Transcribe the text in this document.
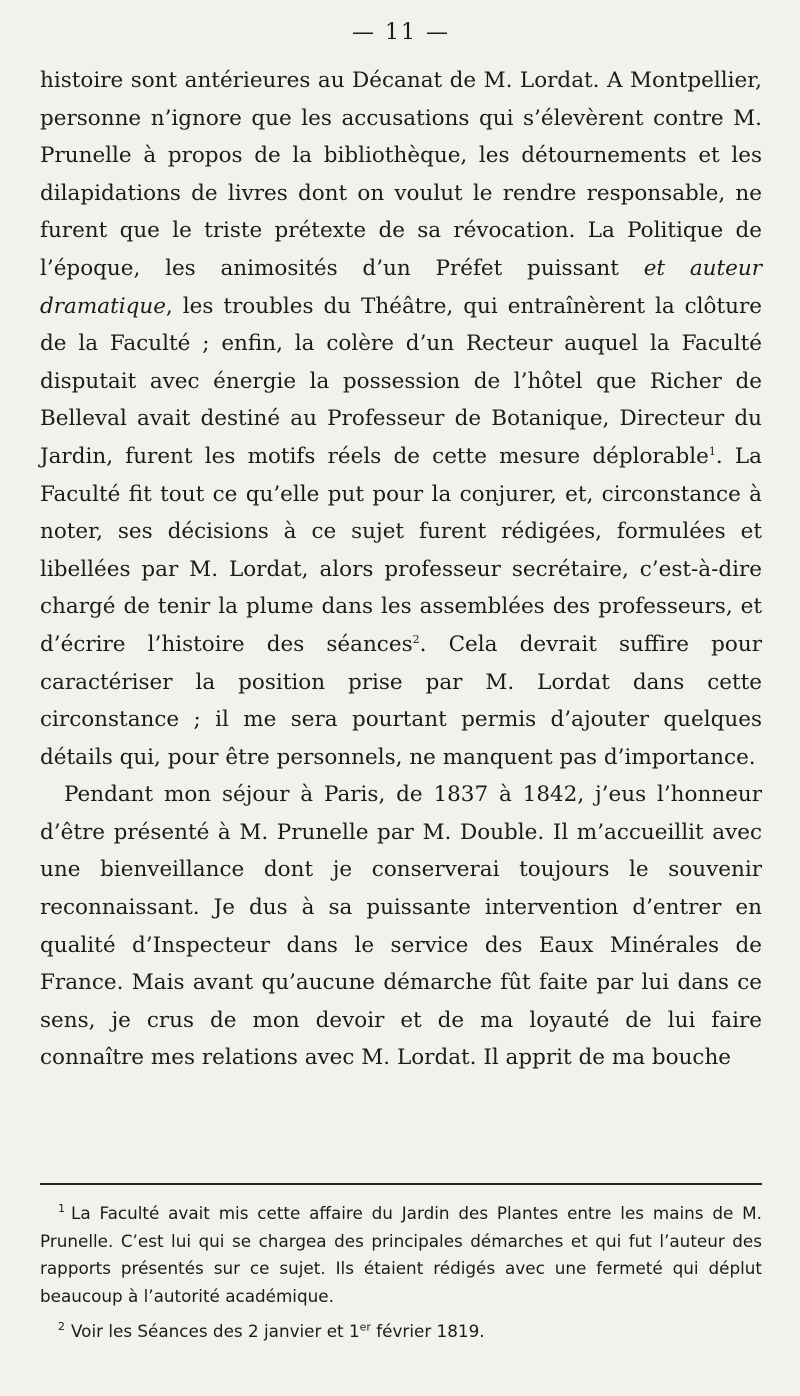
— 11 —

histoire sont antérieures au Décanat de M. Lordat. A Montpellier, personne n’ignore que les accusations qui s’élevèrent contre M. Prunelle à propos de la bibliothèque, les détournements et les dilapidations de livres dont on voulut le rendre responsable, ne furent que le triste prétexte de sa révocation. La Politique de l’époque, les animosités d’un Préfet puissant et auteur dramatique, les troubles du Théâtre, qui entraînèrent la clôture de la Faculté ; enfin, la colère d’un Recteur auquel la Faculté disputait avec énergie la possession de l’hôtel que Richer de Belleval avait destiné au Professeur de Botanique, Directeur du Jardin, furent les motifs réels de cette mesure déplorable$^1$. La Faculté fit tout ce qu’elle put pour la conjurer, et, circonstance à noter, ses décisions à ce sujet furent rédigées, formulées et libellées par M. Lordat, alors professeur secrétaire, c’est-à-dire chargé de tenir la plume dans les assemblées des professeurs, et d’écrire l’histoire des séances$^2$. Cela devrait suffire pour caractériser la position prise par M. Lordat dans cette circonstance ; il me sera pourtant permis d’ajouter quelques détails qui, pour être personnels, ne manquent pas d’importance.

Pendant mon séjour à Paris, de 1837 à 1842, j’eus l’honneur d’être présenté à M. Prunelle par M. Double. Il m’accueillit avec une bienveillance dont je conserverai toujours le souvenir reconnaissant. Je dus à sa puissante intervention d’entrer en qualité d’Inspecteur dans le service des Eaux Minérales de France. Mais avant qu’aucune démarche fût faite par lui dans ce sens, je crus de mon devoir et de ma loyauté de lui faire connaître mes relations avec M. Lordat. Il apprit de ma bouche

$^1$ La Faculté avait mis cette affaire du Jardin des Plantes entre les mains de M. Prunelle. C’est lui qui se chargea des principales démarches et qui fut l’auteur des rapports présentés sur ce sujet. Ils étaient rédigés avec une fermeté qui déplut beaucoup à l’autorité académique.

$^2$ Voir les Séances des 2 janvier et 1er février 1819.
